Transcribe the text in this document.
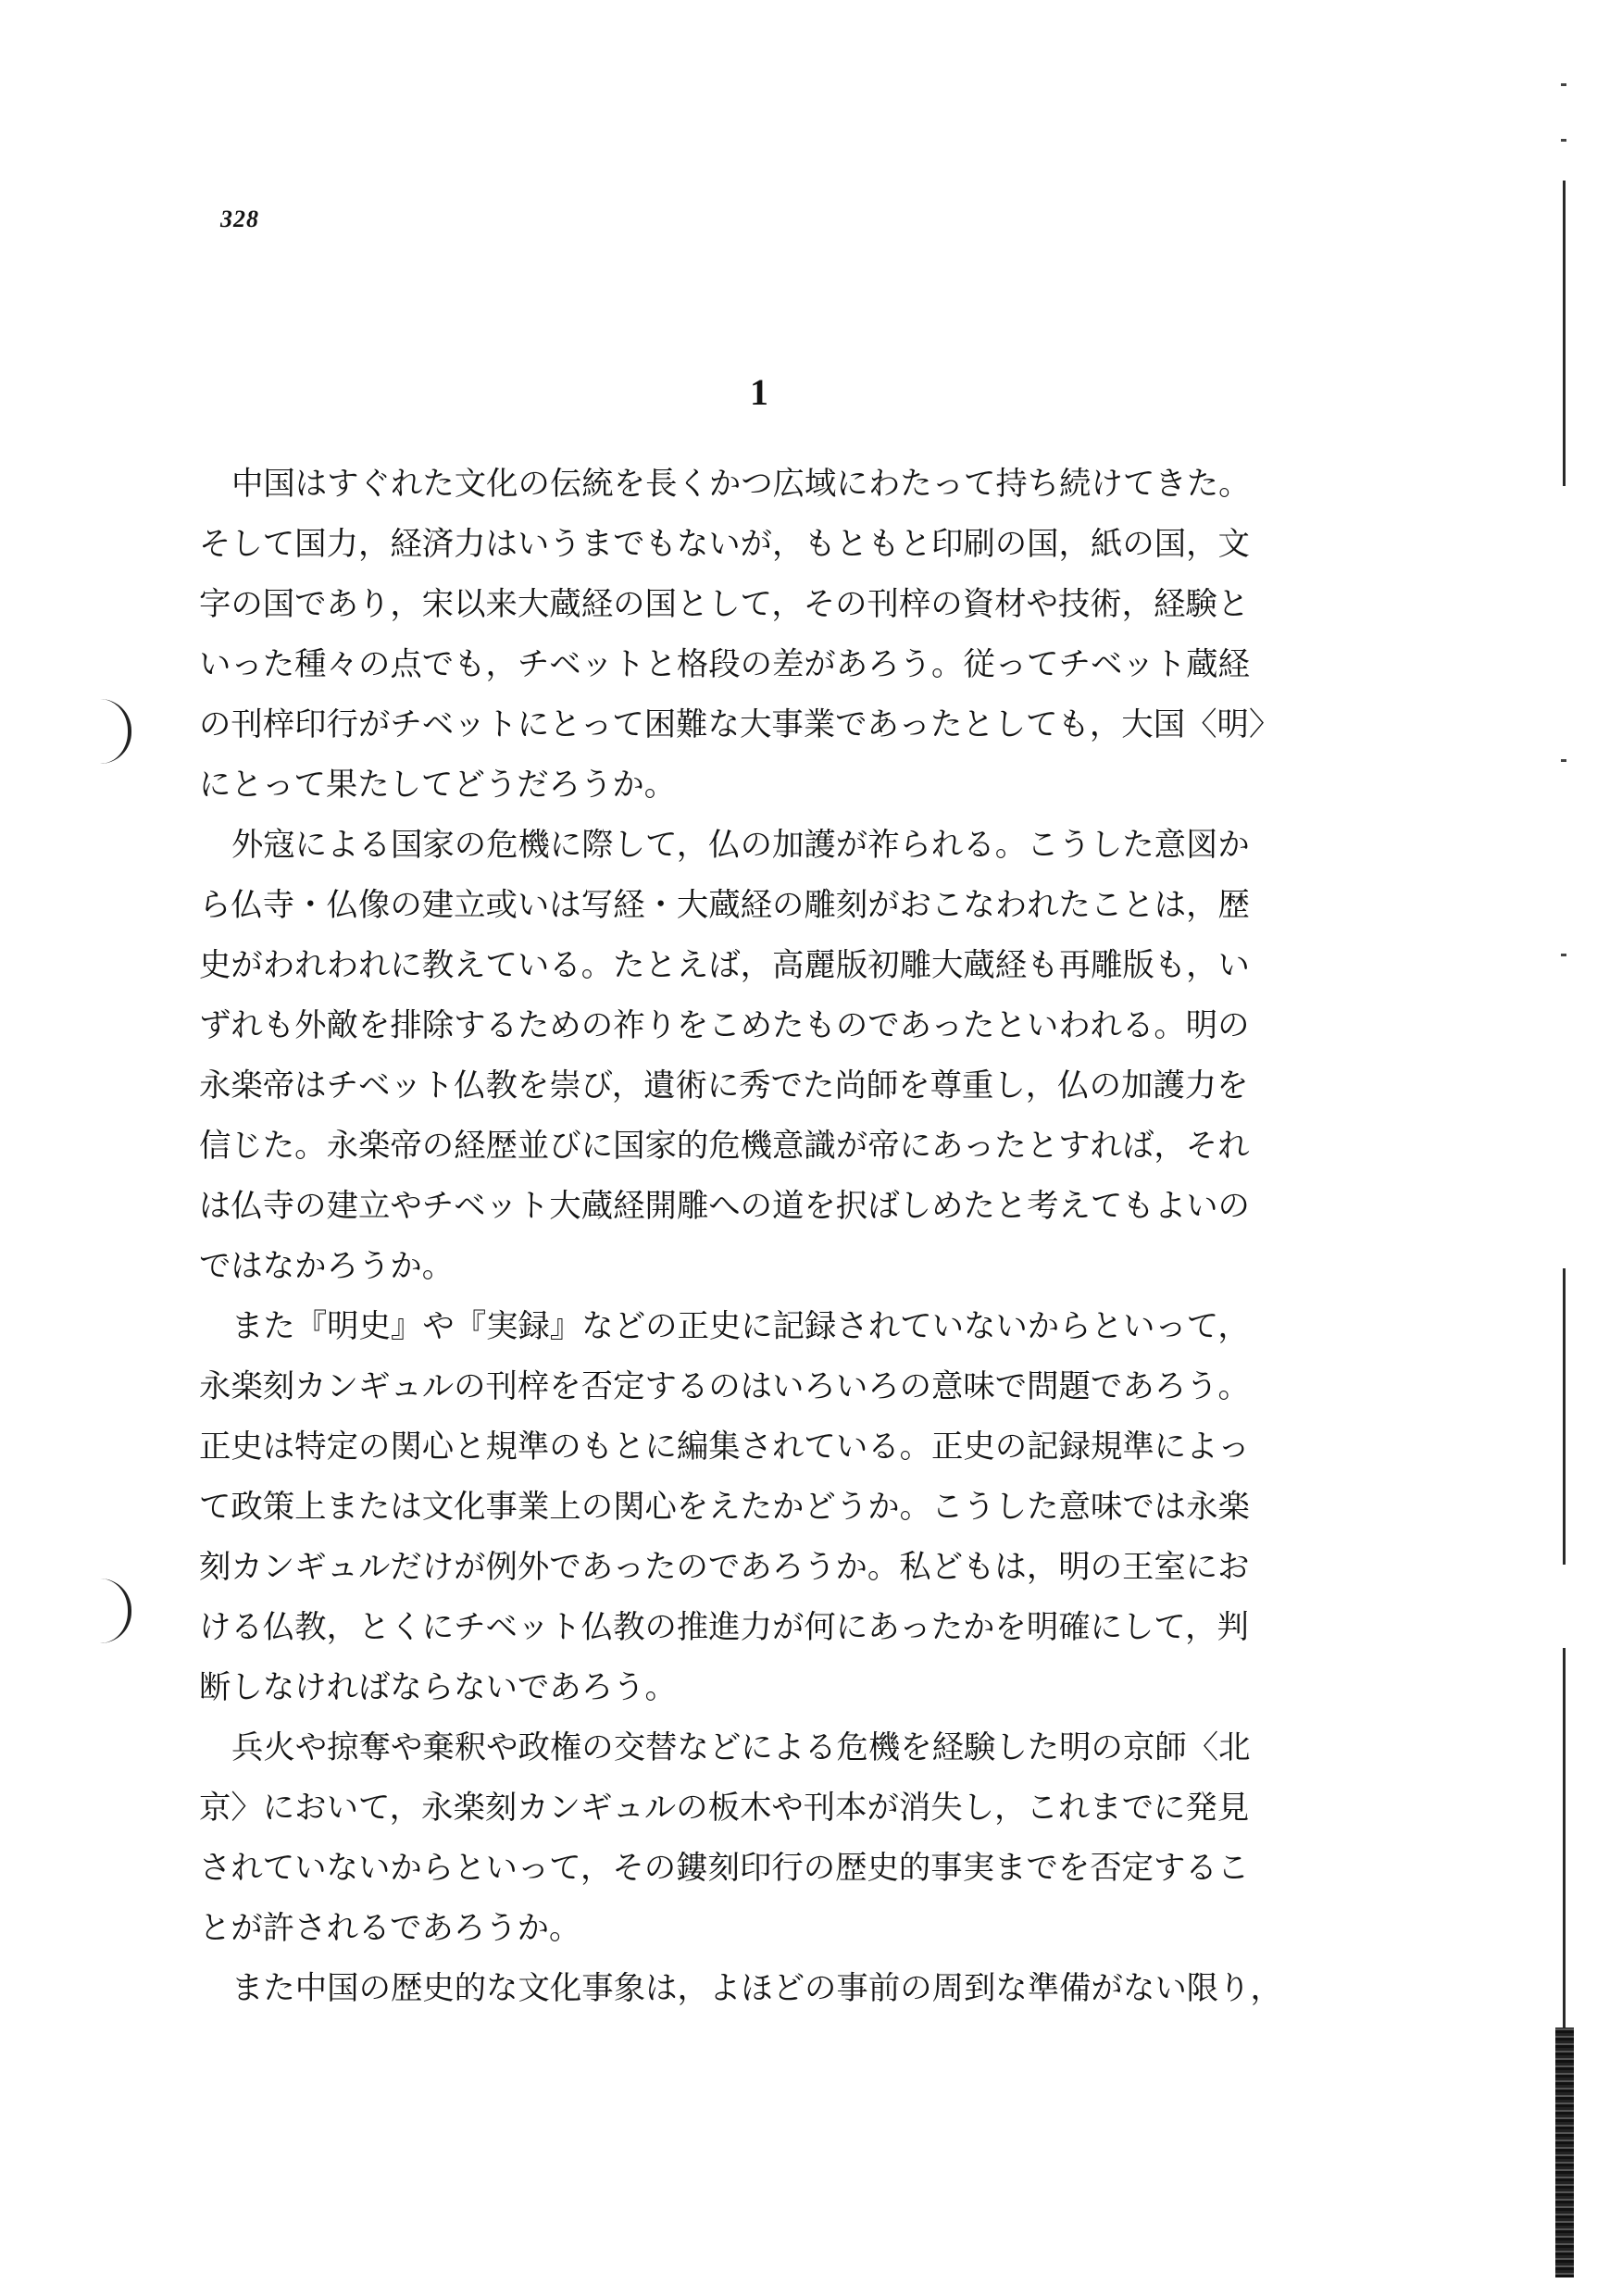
328
1
中国はすぐれた文化の伝統を長くかつ広域にわたって持ち続けてきた。
そして国力，経済力はいうまでもないが，もともと印刷の国，紙の国，文
字の国であり，宋以来大蔵経の国として，その刊梓の資材や技術，経験と
いった種々の点でも，チベットと格段の差があろう。従ってチベット蔵経
の刊梓印行がチベットにとって困難な大事業であったとしても，大国〈明〉
にとって果たしてどうだろうか。
外寇による国家の危機に際して，仏の加護が祚られる。こうした意図か
ら仏寺・仏像の建立或いは写経・大蔵経の雕刻がおこなわれたことは，歴
史がわれわれに教えている。たとえば，高麗版初雕大蔵経も再雕版も，い
ずれも外敵を排除するための祚りをこめたものであったといわれる。明の
永楽帝はチベット仏教を崇び，遺術に秀でた尚師を尊重し，仏の加護力を
信じた。永楽帝の経歴並びに国家的危機意識が帝にあったとすれば，それ
は仏寺の建立やチベット大蔵経開雕への道を択ばしめたと考えてもよいの
ではなかろうか。
また『明史』や『実録』などの正史に記録されていないからといって，
永楽刻カンギュルの刊梓を否定するのはいろいろの意味で問題であろう。
正史は特定の関心と規準のもとに編集されている。正史の記録規準によっ
て政策上または文化事業上の関心をえたかどうか。こうした意味では永楽
刻カンギュルだけが例外であったのであろうか。私どもは，明の王室にお
ける仏教，とくにチベット仏教の推進力が何にあったかを明確にして，判
断しなければならないであろう。
兵火や掠奪や棄釈や政権の交替などによる危機を経験した明の京師〈北
京〉において，永楽刻カンギュルの板木や刊本が消失し，これまでに発見
されていないからといって，その鏤刻印行の歴史的事実までを否定するこ
とが許されるであろうか。
また中国の歴史的な文化事象は，よほどの事前の周到な準備がない限り，
